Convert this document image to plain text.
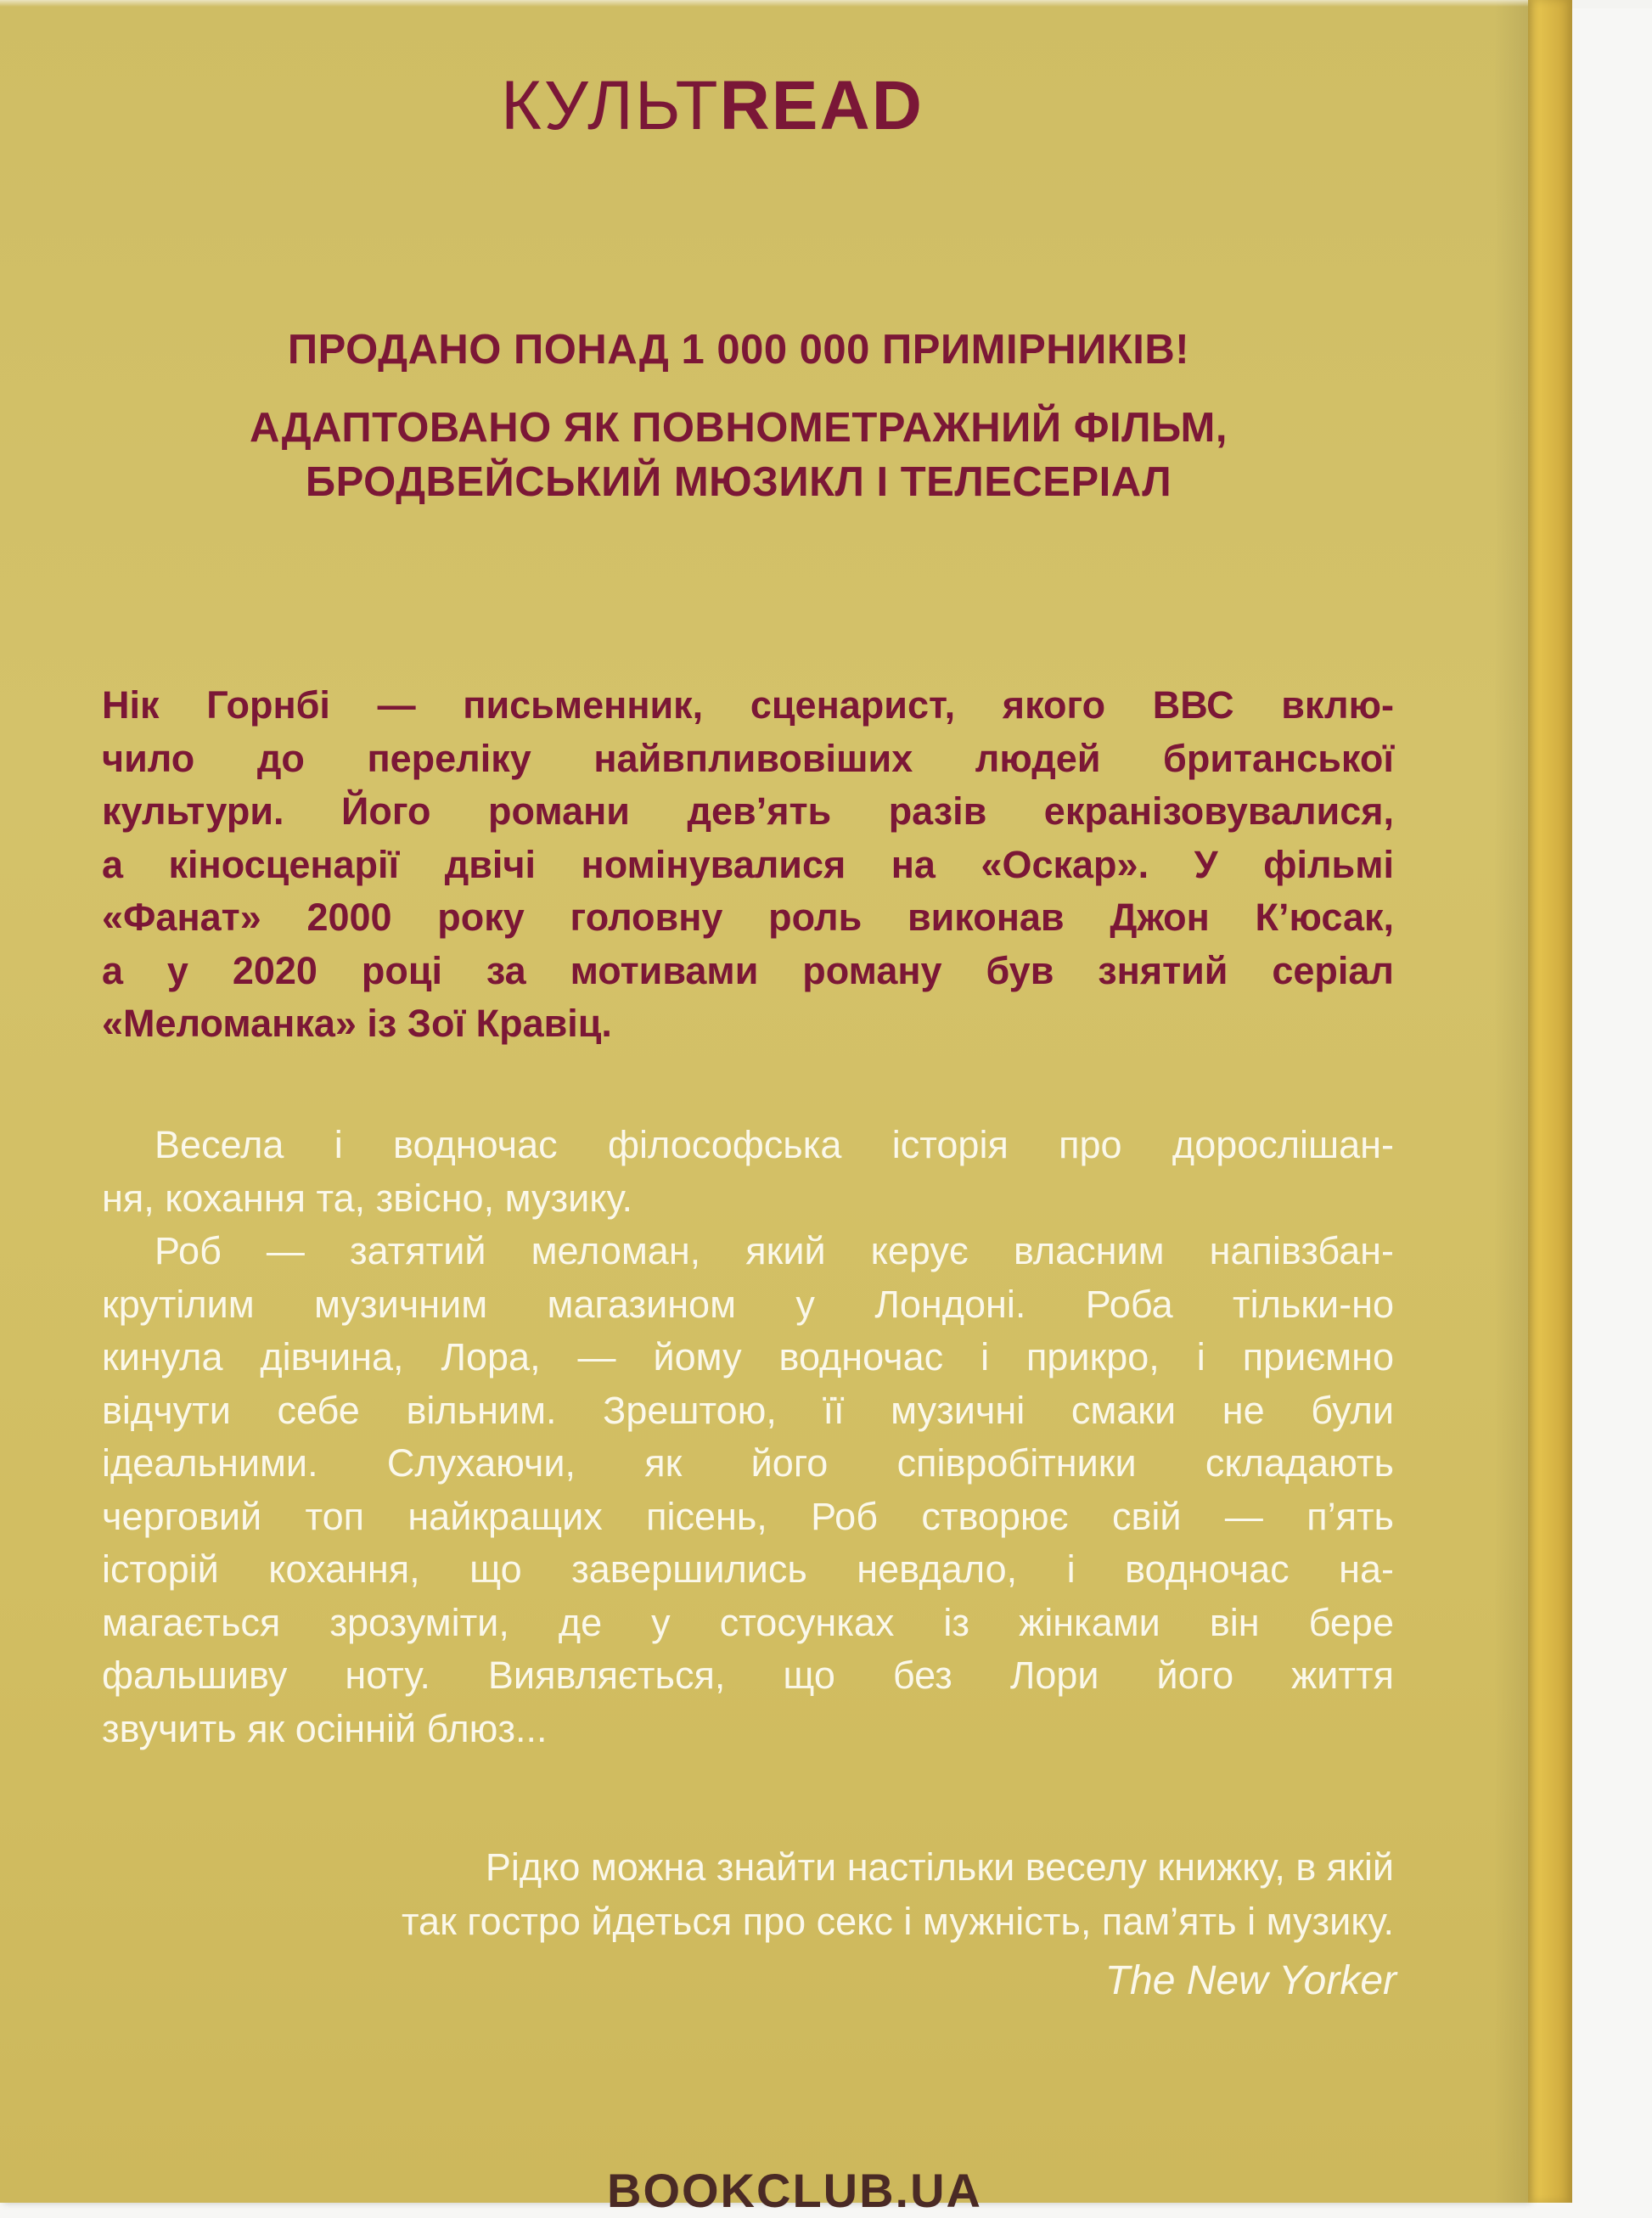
КУЛЬТREAD
ПРОДАНО ПОНАД 1 000 000 ПРИМІРНИКІВ!
АДАПТОВАНО ЯК ПОВНОМЕТРАЖНИЙ ФІЛЬМ,
БРОДВЕЙСЬКИЙ МЮЗИКЛ І ТЕЛЕСЕРІАЛ
Нік Горнбі — письменник, сценарист, якого ВВС вклю-
чило до переліку найвпливовіших людей британської
культури. Його романи дев’ять разів екранізовувалися,
а кіносценарії двічі номінувалися на «Оскар». У фільмі
«Фанат» 2000 року головну роль виконав Джон К’юсак,
а у 2020 році за мотивами роману був знятий серіал
«Меломанка» із Зої Кравіц.
Весела і водночас філософська історія про дорослішан-
ня, кохання та, звісно, музику.
Роб — затятий меломан, який керує власним напівзбан-
крутілим музичним магазином у Лондоні. Роба тільки-но
кинула дівчина, Лора, — йому водночас і прикро, і приємно
відчути себе вільним. Зрештою, її музичні смаки не були
ідеальними. Слухаючи, як його співробітники складають
черговий топ найкращих пісень, Роб створює свій — п’ять
історій кохання, що завершились невдало, і водночас на-
магається зрозуміти, де у стосунках із жінками він бере
фальшиву ноту. Виявляється, що без Лори його життя
звучить як осінній блюз...
Рідко можна знайти настільки веселу книжку, в якій
так гостро йдеться про секс і мужність, пам’ять і музику.
The New Yorker
BOOKCLUB.UA
